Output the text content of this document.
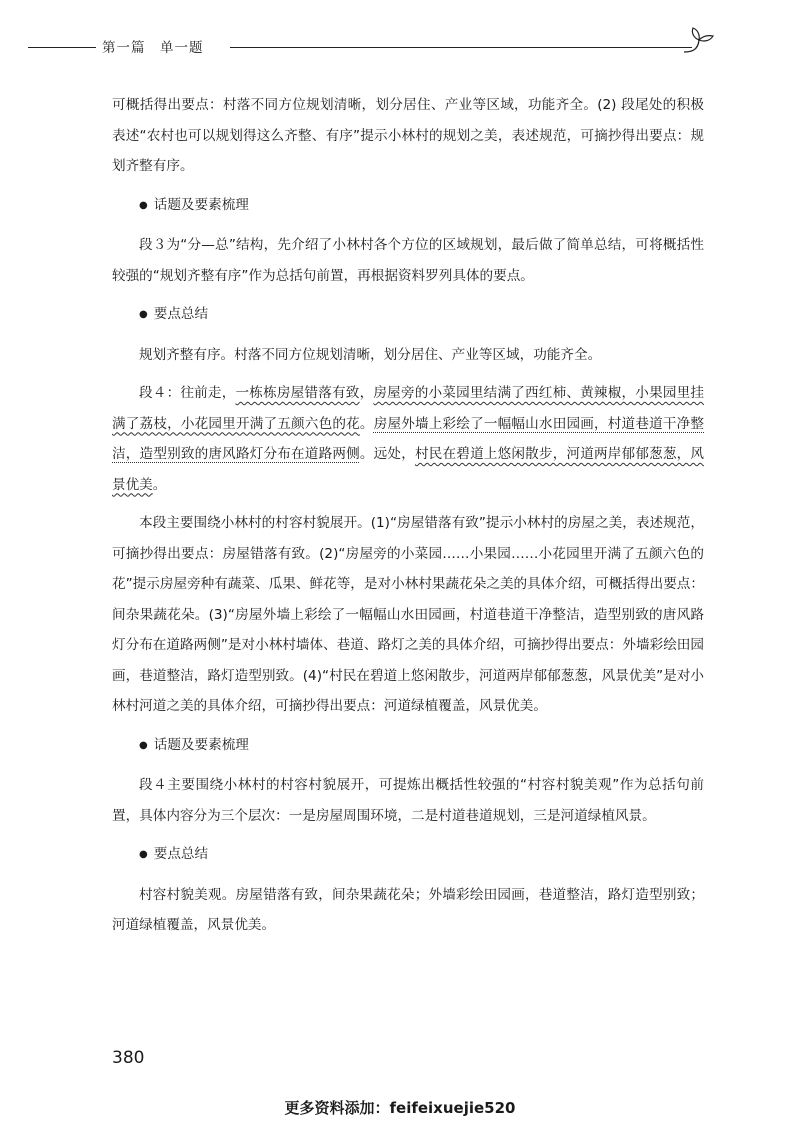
第一篇　单一题

可概括得出要点：村落不同方位规划清晰，划分居住、产业等区域，功能齐全。(2) 段尾处的积极表述“农村也可以规划得这么齐整、有序”提示小林村的规划之美，表述规范，可摘抄得出要点：规划齐整有序。

● 话题及要素梳理

段３为“分—总”结构，先介绍了小林村各个方位的区域规划，最后做了简单总结，可将概括性较强的“规划齐整有序”作为总括句前置，再根据资料罗列具体的要点。

● 要点总结

规划齐整有序。村落不同方位规划清晰，划分居住、产业等区域，功能齐全。

段４：往前走，一栋栋房屋错落有致，房屋旁的小菜园里结满了西红柿、黄辣椒，小果园里挂满了荔枝，小花园里开满了五颜六色的花。房屋外墙上彩绘了一幅幅山水田园画，村道巷道干净整洁，造型别致的唐风路灯分布在道路两侧。远处，村民在碧道上悠闲散步，河道两岸郁郁葱葱，风景优美。

本段主要围绕小林村的村容村貌展开。(1)“房屋错落有致”提示小林村的房屋之美，表述规范，可摘抄得出要点：房屋错落有致。(2)“房屋旁的小菜园……小果园……小花园里开满了五颜六色的花”提示房屋旁种有蔬菜、瓜果、鲜花等，是对小林村果蔬花朵之美的具体介绍，可概括得出要点：间杂果蔬花朵。(3)“房屋外墙上彩绘了一幅幅山水田园画，村道巷道干净整洁，造型别致的唐风路灯分布在道路两侧”是对小林村墙体、巷道、路灯之美的具体介绍，可摘抄得出要点：外墙彩绘田园画，巷道整洁，路灯造型别致。(4)“村民在碧道上悠闲散步，河道两岸郁郁葱葱，风景优美”是对小林村河道之美的具体介绍，可摘抄得出要点：河道绿植覆盖，风景优美。

● 话题及要素梳理

段４主要围绕小林村的村容村貌展开，可提炼出概括性较强的“村容村貌美观”作为总括句前置，具体内容分为三个层次：一是房屋周围环境，二是村道巷道规划，三是河道绿植风景。

● 要点总结

村容村貌美观。房屋错落有致，间杂果蔬花朵；外墙彩绘田园画，巷道整洁，路灯造型别致；河道绿植覆盖，风景优美。

380
更多资料添加：feifeixuejie520
